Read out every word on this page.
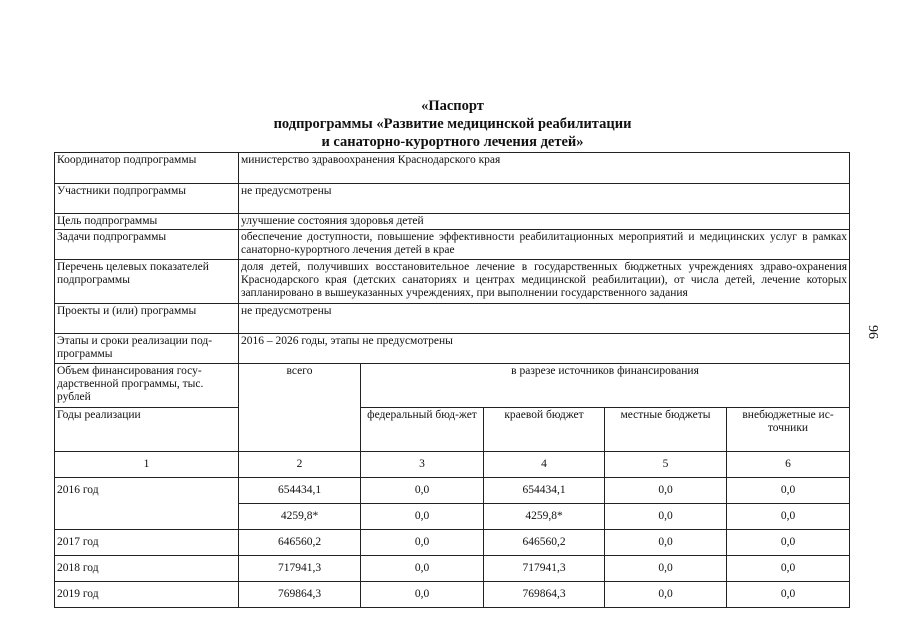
«Паспорт
подпрограммы «Развитие медицинской реабилитации
и санаторно-курортного лечения детей»
96
Координатор подпрограммы	министерство здравоохранения Краснодарского края				
Участники подпрограммы	не предусмотрены				
Цель подпрограммы	улучшение состояния здоровья детей				
Задачи подпрограммы	обеспечение доступности, повышение эффективности реабилитационных мероприятий и медицинских услуг в рамках санаторно-курортного лечения детей в крае				
Перечень целевых показателей подпрограммы	доля детей, получивших восстановительное лечение в государственных бюджетных учреждениях здраво-охранения Краснодарского края (детских санаториях и центрах медицинской реабилитации), от числа детей, лечение которых запланировано в вышеуказанных учреждениях, при выполнении государственного задания				
Проекты и (или) программы	не предусмотрены				
Этапы и сроки реализации под-программы	2016 – 2026 годы, этапы не предусмотрены				
Объем финансирования госу-дарственной программы, тыс. рублей	всего	в разрезе источников финансирования			
Годы реализации		федеральный бюд-жет	краевой бюджет	местные бюджеты	внебюджетные ис-точники
1	2	3	4	5	6
2016 год	654434,1	0,0	654434,1	0,0	0,0
	4259,8*	0,0	4259,8*	0,0	0,0
2017 год	646560,2	0,0	646560,2	0,0	0,0
2018 год	717941,3	0,0	717941,3	0,0	0,0
2019 год	769864,3	0,0	769864,3	0,0	0,0
